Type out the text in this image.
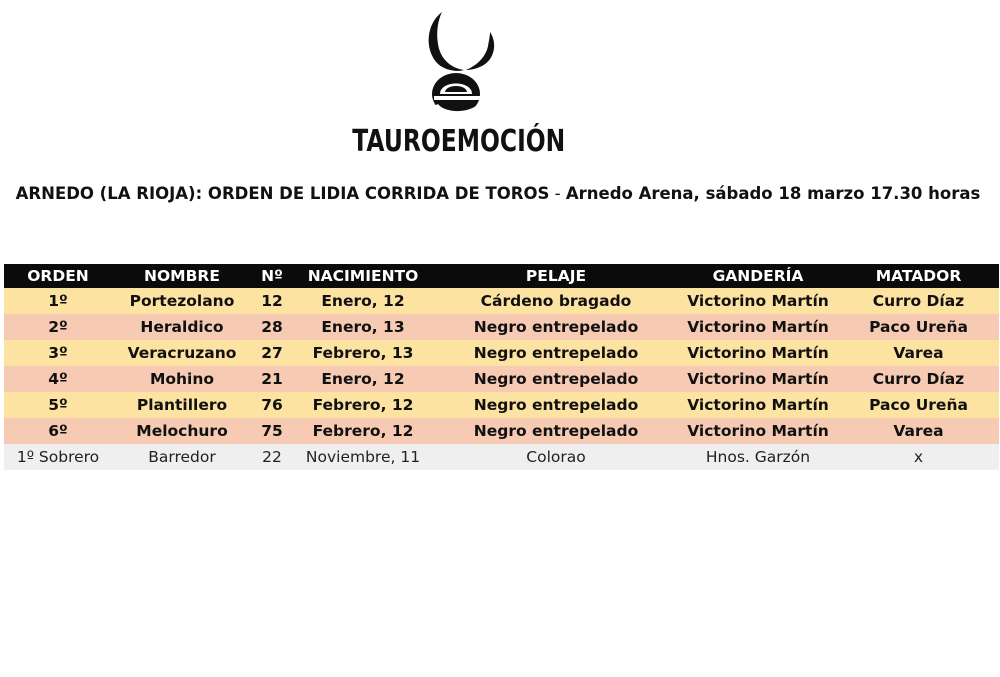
TAUROEMOCIÓN
ARNEDO (LA RIOJA): ORDEN DE LIDIA CORRIDA DE TOROS - Arnedo Arena, sábado 18 marzo 17.30 horas
ORDEN	NOMBRE	Nº	NACIMIENTO	PELAJE	GANDERÍA	MATADOR
1º	Portezolano	12	Enero, 12	Cárdeno bragado	Victorino Martín	Curro Díaz
2º	Heraldico	28	Enero, 13	Negro entrepelado	Victorino Martín	Paco Ureña
3º	Veracruzano	27	Febrero, 13	Negro entrepelado	Victorino Martín	Varea
4º	Mohino	21	Enero, 12	Negro entrepelado	Victorino Martín	Curro Díaz
5º	Plantillero	76	Febrero, 12	Negro entrepelado	Victorino Martín	Paco Ureña
6º	Melochuro	75	Febrero, 12	Negro entrepelado	Victorino Martín	Varea
1º Sobrero	Barredor	22	Noviembre, 11	Colorao	Hnos. Garzón	x
